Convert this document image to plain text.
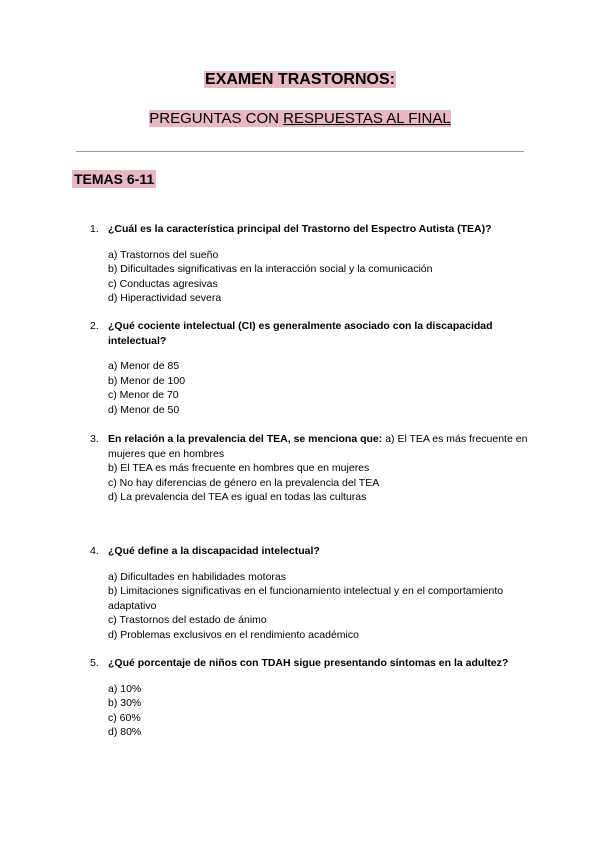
EXAMEN TRASTORNOS:
PREGUNTAS CON RESPUESTAS AL FINAL
TEMAS 6-11
1. ¿Cuál es la característica principal del Trastorno del Espectro Autista (TEA)?
a) Trastornos del sueño
b) Dificultades significativas en la interacción social y la comunicación
c) Conductas agresivas
d) Hiperactividad severa
2. ¿Qué cociente intelectual (CI) es generalmente asociado con la discapacidad intelectual?
a) Menor de 85
b) Menor de 100
c) Menor de 70
d) Menor de 50
3. En relación a la prevalencia del TEA, se menciona que: a) El TEA es más frecuente en mujeres que en hombres
b) El TEA es más frecuente en hombres que en mujeres
c) No hay diferencias de género en la prevalencia del TEA
d) La prevalencia del TEA es igual en todas las culturas
4. ¿Qué define a la discapacidad intelectual?
a) Dificultades en habilidades motoras
b) Limitaciones significativas en el funcionamiento intelectual y en el comportamiento adaptativo
c) Trastornos del estado de ánimo
d) Problemas exclusivos en el rendimiento académico
5. ¿Qué porcentaje de niños con TDAH sigue presentando síntomas en la adultez?
a) 10%
b) 30%
c) 60%
d) 80%
